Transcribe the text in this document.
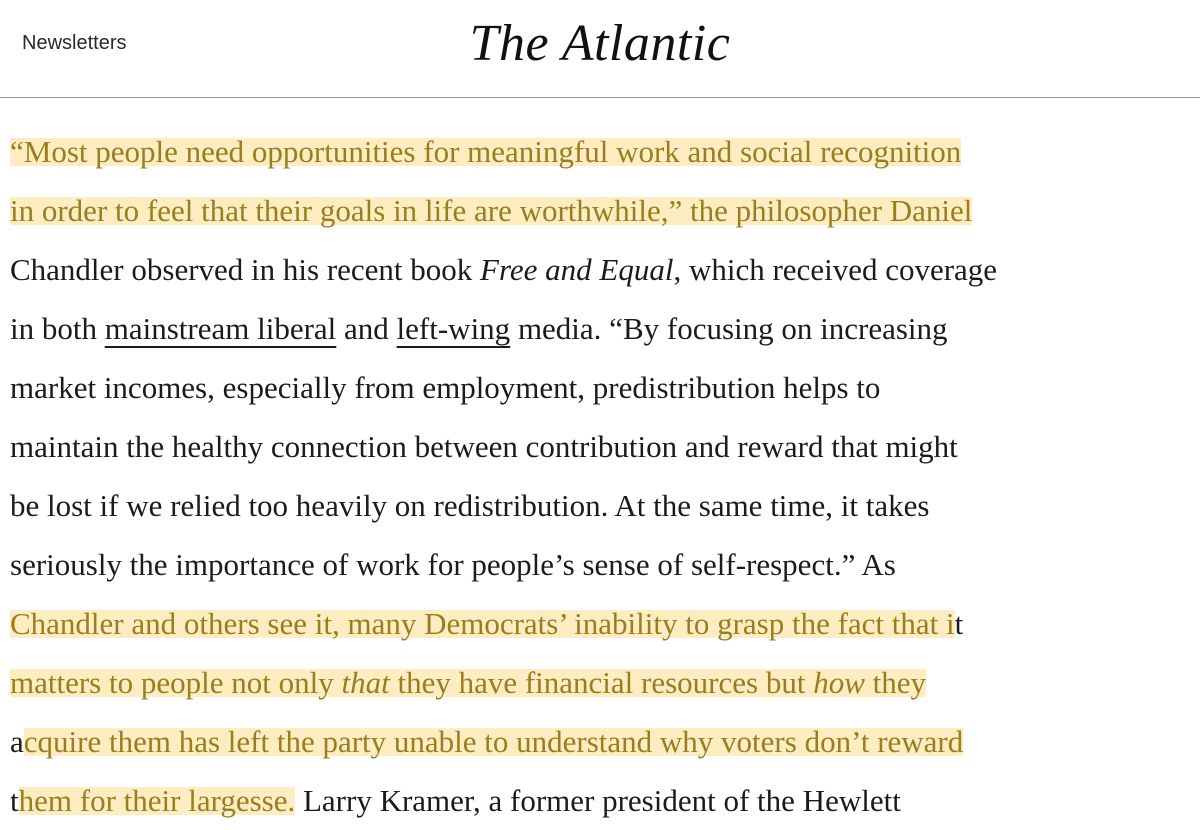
Newsletters	The Atlantic
“Most people need opportunities for meaningful work and social recognition
in order to feel that their goals in life are worthwhile,” the philosopher Daniel
Chandler observed in his recent book Free and Equal, which received coverage
in both mainstream liberal and left-wing media. “By focusing on increasing
market incomes, especially from employment, predistribution helps to
maintain the healthy connection between contribution and reward that might
be lost if we relied too heavily on redistribution. At the same time, it takes
seriously the importance of work for people’s sense of self-respect.” As
Chandler and others see it, many Democrats’ inability to grasp the fact that it
matters to people not only that they have financial resources but how they
acquire them has left the party unable to understand why voters don’t reward
them for their largesse. Larry Kramer, a former president of the Hewlett
